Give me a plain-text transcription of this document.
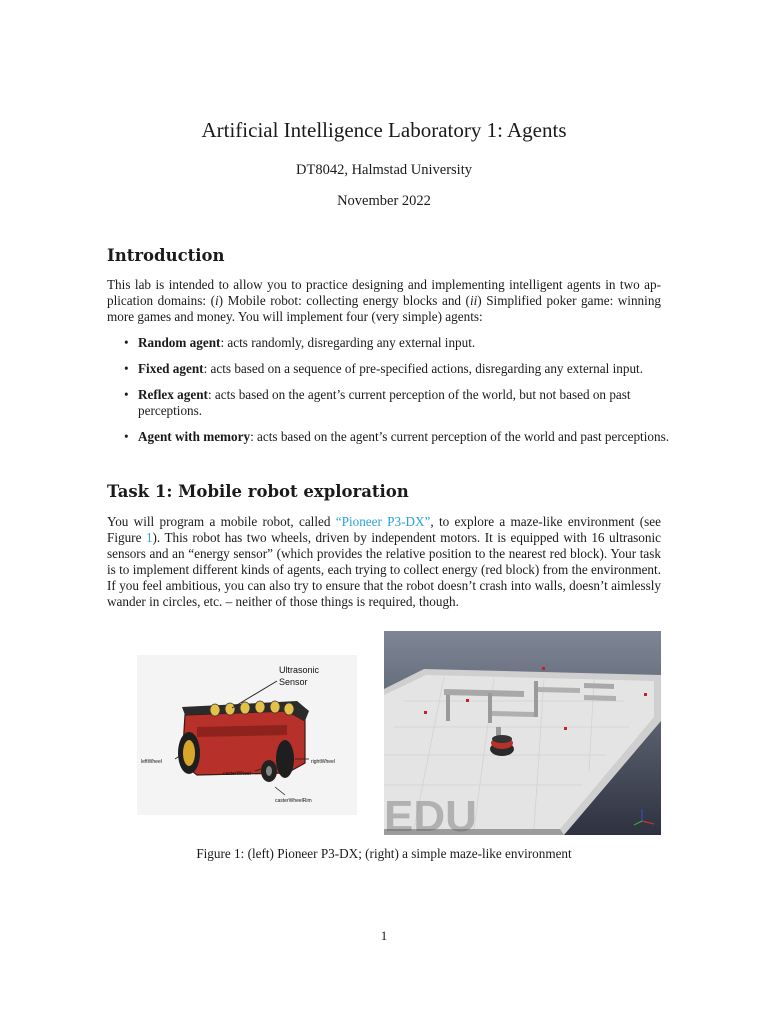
Artificial Intelligence Laboratory 1: Agents
DT8042, Halmstad University
November 2022
Introduction

This lab is intended to allow you to practice designing and implementing intelligent agents in two ap-plication domains: (i) Mobile robot: collecting energy blocks and (ii) Simplified poker game: winning more games and money. You will implement four (very simple) agents:

• Random agent: acts randomly, disregarding any external input.
• Fixed agent: acts based on a sequence of pre-specified actions, disregarding any external input.
• Reflex agent: acts based on the agent’s current perception of the world, but not based on past perceptions.
• Agent with memory: acts based on the agent’s current perception of the world and past perceptions.
Task 1: Mobile robot exploration

You will program a mobile robot, called “Pioneer P3-DX”, to explore a maze-like environment (see Figure 1). This robot has two wheels, driven by independent motors. It is equipped with 16 ultrasonic sensors and an “energy sensor” (which provides the relative position to the nearest red block). Your task is to implement different kinds of agents, each trying to collect energy (red block) from the environment. If you feel ambitious, you can also try to ensure that the robot doesn’t crash into walls, doesn’t aimlessly wander in circles, etc. – neither of those things is required, though.

Ultrasonic
Sensor
leftWheel	rightWheel
casterWheel
casterWheelRim EDU
Figure 1: (left) Pioneer P3-DX; (right) a simple maze-like environment
1
